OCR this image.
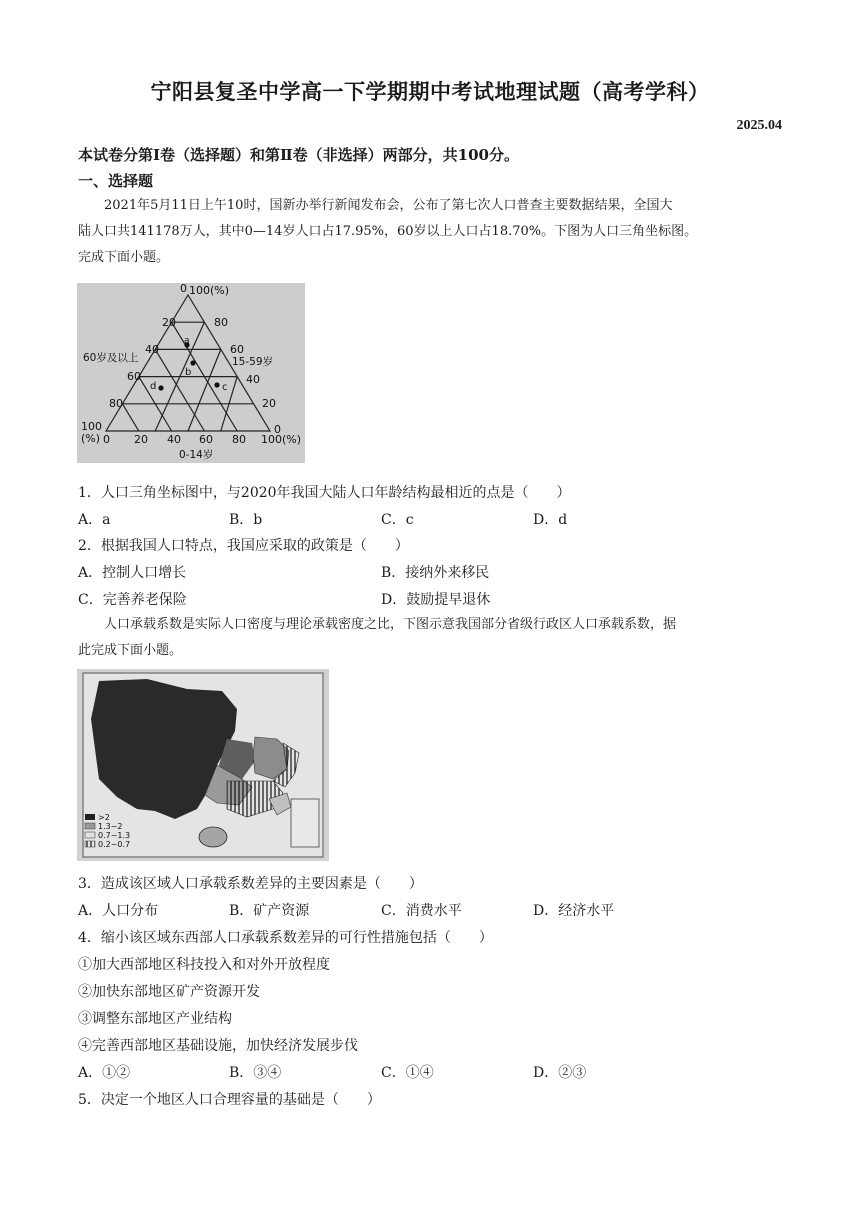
宁阳县复圣中学高一下学期期中考试地理试题（高考学科）
2025.04
本试卷分第Ⅰ卷（选择题）和第Ⅱ卷（非选择）两部分，共100分。
一、选择题
2021年5月11日上午10时，国新办举行新闻发布会，公布了第七次人口普查主要数据结果，全国大
陆人口共141178万人，其中0—14岁人口占17.95%，60岁以上人口占18.70%。下图为人口三角坐标图。
完成下面小题。
0 100(%)
20
40
60
80
80
60
40
20
60岁及以上	15-59岁
100
(%)
0
0 20 40 60 80 100(%)
0-14岁
a
b
c
d
1．人口三角坐标图中，与2020年我国大陆人口年龄结构最相近的点是（　　）
A．a	B．b	C．c	D．d
2．根据我国人口特点，我国应采取的政策是（　　）
A．控制人口增长	B．接纳外来移民
C．完善养老保险	D．鼓励提早退休
人口承载系数是实际人口密度与理论承载密度之比，下图示意我国部分省级行政区人口承载系数，据
此完成下面小题。
>2
1.3~2
0.7~1.3
0.2~0.7
3．造成该区域人口承载系数差异的主要因素是（　　）
A．人口分布	B．矿产资源	C．消费水平	D．经济水平
4．缩小该区域东西部人口承载系数差异的可行性措施包括（　　）
①加大西部地区科技投入和对外开放程度
②加快东部地区矿产资源开发
③调整东部地区产业结构
④完善西部地区基础设施，加快经济发展步伐
A．①②	B．③④	C．①④	D．②③
5．决定一个地区人口合理容量的基础是（　　）
